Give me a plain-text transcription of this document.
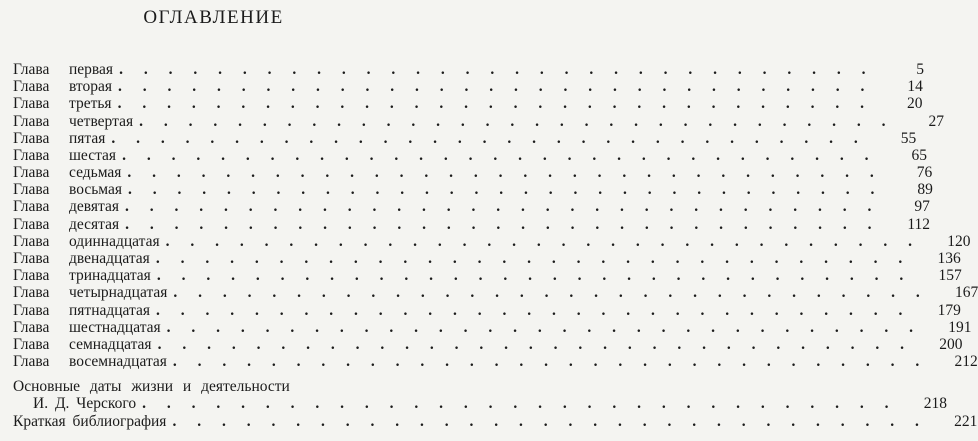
ОГЛАВЛЕНИЕ
Глава первая . . . . . . . . . . . . . . . . . . . . . . . . . . . . . . .	5
Глава вторая . . . . . . . . . . . . . . . . . . . . . . . . . . . . . . .	14
Глава третья . . . . . . . . . . . . . . . . . . . . . . . . . . . . . . .	20
Глава четвертая . . . . . . . . . . . . . . . . . . . . . . . . . . . . . . .	27
Глава пятая . . . . . . . . . . . . . . . . . . . . . . . . . . . . . . .	55
Глава шестая . . . . . . . . . . . . . . . . . . . . . . . . . . . . . . .	65
Глава седьмая . . . . . . . . . . . . . . . . . . . . . . . . . . . . . . .	76
Глава восьмая . . . . . . . . . . . . . . . . . . . . . . . . . . . . . . .	89
Глава девятая . . . . . . . . . . . . . . . . . . . . . . . . . . . . . . .	97
Глава десятая . . . . . . . . . . . . . . . . . . . . . . . . . . . . . . .	112
Глава одиннадцатая . . . . . . . . . . . . . . . . . . . . . . . . . . . . . . .	120
Глава двенадцатая . . . . . . . . . . . . . . . . . . . . . . . . . . . . . . .	136
Глава тринадцатая . . . . . . . . . . . . . . . . . . . . . . . . . . . . . . .	157
Глава четырнадцатая . . . . . . . . . . . . . . . . . . . . . . . . . . . . . . .	167
Глава пятнадцатая . . . . . . . . . . . . . . . . . . . . . . . . . . . . . . .	179
Глава шестнадцатая . . . . . . . . . . . . . . . . . . . . . . . . . . . . . . .	191
Глава семнадцатая . . . . . . . . . . . . . . . . . . . . . . . . . . . . . . .	200
Глава восемнадцатая . . . . . . . . . . . . . . . . . . . . . . . . . . . . . . .	212
Основные даты жизни и деятельности
И. Д. Черского . . . . . . . . . . . . . . . . . . . . . . . . . . . . . . .	218
Краткая библиография . . . . . . . . . . . . . . . . . . . . . . . . . . . . . . .	221
